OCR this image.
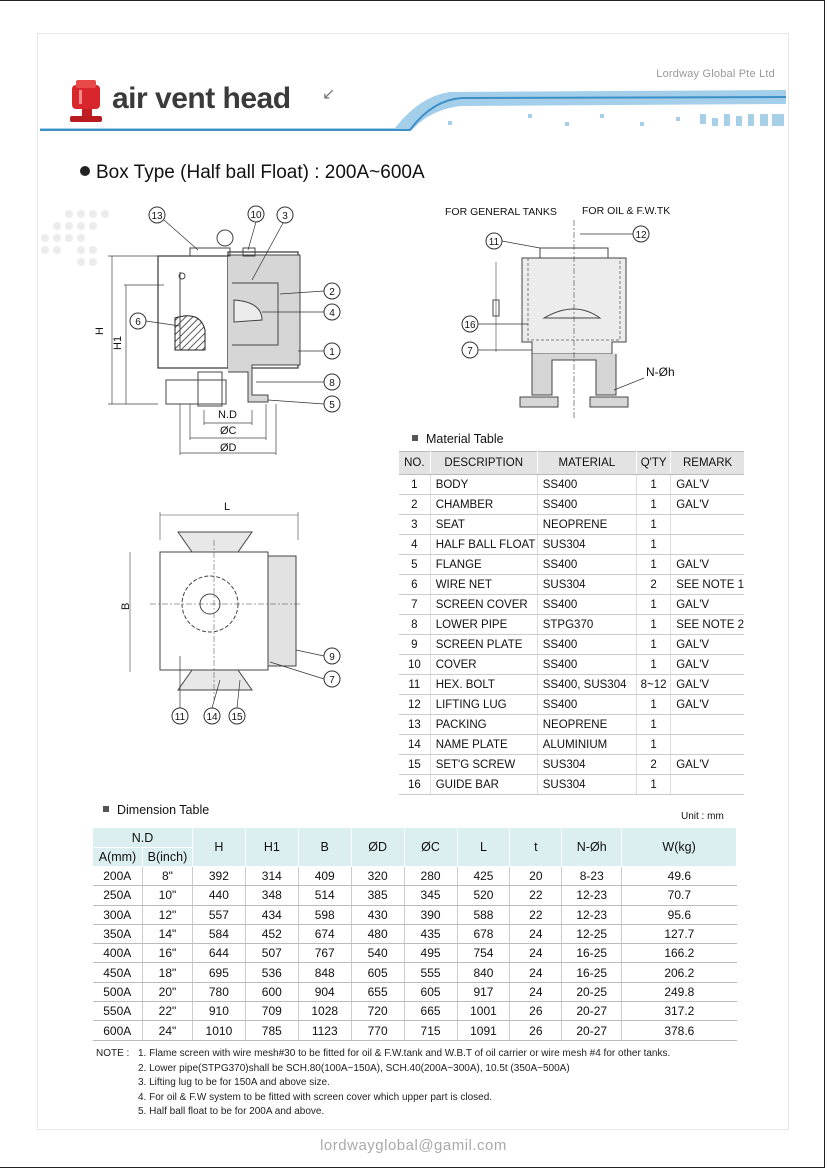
Lordway Global Pte Ltd
air vent head ↙
Box Type (Half ball Float) : 200A~600A
H
H1
N.D
ØC
ØD
13	10 3
2
4
6
1
8
5
FOR GENERAL TANKS FOR OIL & F.W.TK
N-Øh
11
12
16
7
L
B
9
7
11 14 15
Material Table
NO.	DESCRIPTION	MATERIAL	Q'TY	REMARK
1	BODY	SS400	1	GAL'V
2	CHAMBER	SS400	1	GAL'V
3	SEAT	NEOPRENE	1	
4	HALF BALL FLOAT	SUS304	1	
5	FLANGE	SS400	1	GAL'V
6	WIRE NET	SUS304	2	SEE NOTE 1
7	SCREEN COVER	SS400	1	GAL'V
8	LOWER PIPE	STPG370	1	SEE NOTE 2
9	SCREEN PLATE	SS400	1	GAL'V
10	COVER	SS400	1	GAL'V
11	HEX. BOLT	SS400, SUS304	8~12	GAL'V
12	LIFTING LUG	SS400	1	GAL'V
13	PACKING	NEOPRENE	1	
14	NAME PLATE	ALUMINIUM	1	
15	SET'G SCREW	SUS304	2	GAL'V
16	GUIDE BAR	SUS304	1	
Dimension Table	Unit : mm
N.D		H	H1	B	ØD	ØC	L	t	N-Øh	W(kg)
A(mm)	B(inch)									
200A	8"	392	314	409	320	280	425	20	8-23	49.6
250A	10"	440	348	514	385	345	520	22	12-23	70.7
300A	12"	557	434	598	430	390	588	22	12-23	95.6
350A	14"	584	452	674	480	435	678	24	12-25	127.7
400A	16"	644	507	767	540	495	754	24	16-25	166.2
450A	18"	695	536	848	605	555	840	24	16-25	206.2
500A	20"	780	600	904	655	605	917	24	20-25	249.8
550A	22"	910	709	1028	720	665	1001	26	20-27	317.2
600A	24"	1010	785	1123	770	715	1091	26	20-27	378.6
NOTE : 1. Flame screen with wire mesh#30 to be fitted for oil & F.W.tank and W.B.T of oil carrier or wire mesh #4 for other tanks.
2. Lower pipe(STPG370)shall be SCH.80(100A~150A), SCH.40(200A~300A), 10.5t (350A~500A)
3. Lifting lug to be for 150A and above size.
4. For oil & F.W system to be fitted with screen cover which upper part is closed.
5. Half ball float to be for 200A and above.
lordwayglobal@gamil.com
